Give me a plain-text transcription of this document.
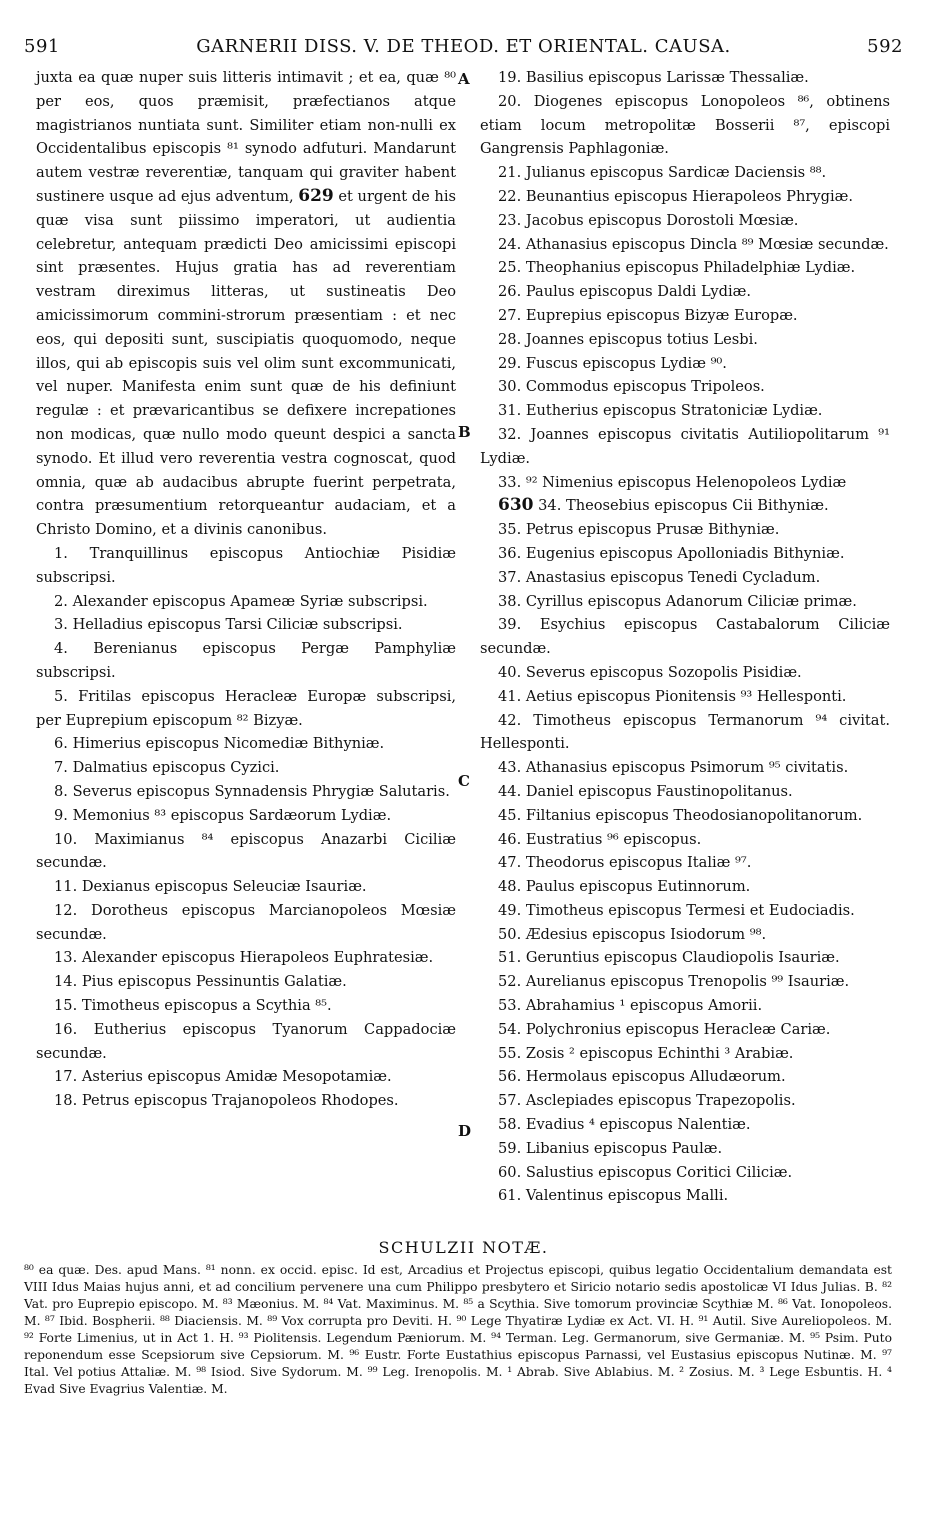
591	GARNERII DISS. V. DE THEOD. ET ORIENTAL. CAUSA.	592
A
B
C
D

juxta ea quæ nuper suis litteris intimavit ; et ea, quæ ⁸⁰ per eos, quos præmisit, præfectianos atque magistrianos nuntiata sunt. Similiter etiam non-nulli ex Occidentalibus episcopis ⁸¹ synodo adfuturi. Mandarunt autem vestræ reverentiæ, tanquam qui graviter habent sustinere usque ad ejus adventum, 629 et urgent de his quæ visa sunt piissimo imperatori, ut audientia celebretur, antequam prædicti Deo amicissimi episcopi sint præsentes. Hujus gratia has ad reverentiam vestram direximus litteras, ut sustineatis Deo amicissimorum commini-strorum præsentiam : et nec eos, qui depositi sunt, suscipiatis quoquomodo, neque illos, qui ab episcopis suis vel olim sunt excommunicati, vel nuper. Manifesta enim sunt quæ de his definiunt regulæ : et prævaricantibus se defixere increpationes non modicas, quæ nullo modo queunt despici a sancta synodo. Et illud vero reverentia vestra cognoscat, quod omnia, quæ ab audacibus abrupte fuerint perpetrata, contra præsumentium retorqueantur audaciam, et a Christo Domino, et a divinis canonibus.

1. Tranquillinus episcopus Antiochiæ Pisidiæ subscripsi.

2. Alexander episcopus Apameæ Syriæ subscripsi.

3. Helladius episcopus Tarsi Ciliciæ subscripsi.

4. Berenianus episcopus Pergæ Pamphyliæ subscripsi.

5. Fritilas episcopus Heracleæ Europæ subscripsi, per Euprepium episcopum ⁸² Bizyæ.

6. Himerius episcopus Nicomediæ Bithyniæ.

7. Dalmatius episcopus Cyzici.

8. Severus episcopus Synnadensis Phrygiæ Salutaris.

9. Memonius ⁸³ episcopus Sardæorum Lydiæ.

10. Maximianus ⁸⁴ episcopus Anazarbi Ciciliæ secundæ.

11. Dexianus episcopus Seleuciæ Isauriæ.

12. Dorotheus episcopus Marcianopoleos Mœsiæ secundæ.

13. Alexander episcopus Hierapoleos Euphratesiæ.

14. Pius episcopus Pessinuntis Galatiæ.

15. Timotheus episcopus a Scythia ⁸⁵.

16. Eutherius episcopus Tyanorum Cappadociæ secundæ.

17. Asterius episcopus Amidæ Mesopotamiæ.

18. Petrus episcopus Trajanopoleos Rhodopes.

19. Basilius episcopus Larissæ Thessaliæ.

20. Diogenes episcopus Lonopoleos ⁸⁶, obtinens etiam locum metropolitæ Bosserii ⁸⁷, episcopi Gangrensis Paphlagoniæ.

21. Julianus episcopus Sardicæ Daciensis ⁸⁸.

22. Beunantius episcopus Hierapoleos Phrygiæ.

23. Jacobus episcopus Dorostoli Mœsiæ.

24. Athanasius episcopus Dincla ⁸⁹ Mœsiæ secundæ.

25. Theophanius episcopus Philadelphiæ Lydiæ.

26. Paulus episcopus Daldi Lydiæ.

27. Euprepius episcopus Bizyæ Europæ.

28. Joannes episcopus totius Lesbi.

29. Fuscus episcopus Lydiæ ⁹⁰.

30. Commodus episcopus Tripoleos.

31. Eutherius episcopus Stratoniciæ Lydiæ.

32. Joannes episcopus civitatis Autiliopolitarum ⁹¹ Lydiæ.

33. ⁹² Nimenius episcopus Helenopoleos Lydiæ

630 34. Theosebius episcopus Cii Bithyniæ.

35. Petrus episcopus Prusæ Bithyniæ.

36. Eugenius episcopus Apolloniadis Bithyniæ.

37. Anastasius episcopus Tenedi Cycladum.

38. Cyrillus episcopus Adanorum Ciliciæ primæ.

39. Esychius episcopus Castabalorum Ciliciæ secundæ.

40. Severus episcopus Sozopolis Pisidiæ.

41. Aetius episcopus Pionitensis ⁹³ Hellesponti.

42. Timotheus episcopus Termanorum ⁹⁴ civitat. Hellesponti.

43. Athanasius episcopus Psimorum ⁹⁵ civitatis.

44. Daniel episcopus Faustinopolitanus.

45. Filtanius episcopus Theodosianopolitanorum.

46. Eustratius ⁹⁶ episcopus.

47. Theodorus episcopus Italiæ ⁹⁷.

48. Paulus episcopus Eutinnorum.

49. Timotheus episcopus Termesi et Eudociadis.

50. Ædesius episcopus Isiodorum ⁹⁸.

51. Geruntius episcopus Claudiopolis Isauriæ.

52. Aurelianus episcopus Trenopolis ⁹⁹ Isauriæ.

53. Abrahamius ¹ episcopus Amorii.

54. Polychronius episcopus Heracleæ Cariæ.

55. Zosis ² episcopus Echinthi ³ Arabiæ.

56. Hermolaus episcopus Alludæorum.

57. Asclepiades episcopus Trapezopolis.

58. Evadius ⁴ episcopus Nalentiæ.

59. Libanius episcopus Paulæ.

60. Salustius episcopus Coritici Ciliciæ.

61. Valentinus episcopus Malli.

SCHULZII NOTÆ.
⁸⁰ ea quæ. Des. apud Mans. ⁸¹ nonn. ex occid. episc. Id est, Arcadius et Projectus episcopi, quibus legatio Occidentalium demandata est VIII Idus Maias hujus anni, et ad concilium pervenere una cum Philippo presbytero et Siricio notario sedis apostolicæ VI Idus Julias. B. ⁸² Vat. pro Euprepio episcopo. M. ⁸³ Mæonius. M. ⁸⁴ Vat. Maximinus. M. ⁸⁵ a Scythia. Sive tomorum provinciæ Scythiæ M. ⁸⁶ Vat. Ionopoleos. M. ⁸⁷ Ibid. Bospherii. ⁸⁸ Diaciensis. M. ⁸⁹ Vox corrupta pro Deviti. H. ⁹⁰ Lege Thyatiræ Lydiæ ex Act. VI. H. ⁹¹ Autil. Sive Aureliopoleos. M. ⁹² Forte Limenius, ut in Act 1. H. ⁹³ Piolitensis. Legendum Pæniorum. M. ⁹⁴ Terman. Leg. Germanorum, sive Germaniæ. M. ⁹⁵ Psim. Puto reponendum esse Scepsiorum sive Cepsiorum. M. ⁹⁶ Eustr. Forte Eustathius episcopus Parnassi, vel Eustasius episcopus Nutinæ. M. ⁹⁷ Ital. Vel potius Attaliæ. M. ⁹⁸ Isiod. Sive Sydorum. M. ⁹⁹ Leg. Irenopolis. M. ¹ Abrab. Sive Ablabius. M. ² Zosius. M. ³ Lege Esbuntis. H. ⁴ Evad Sive Evagrius Valentiæ. M.
